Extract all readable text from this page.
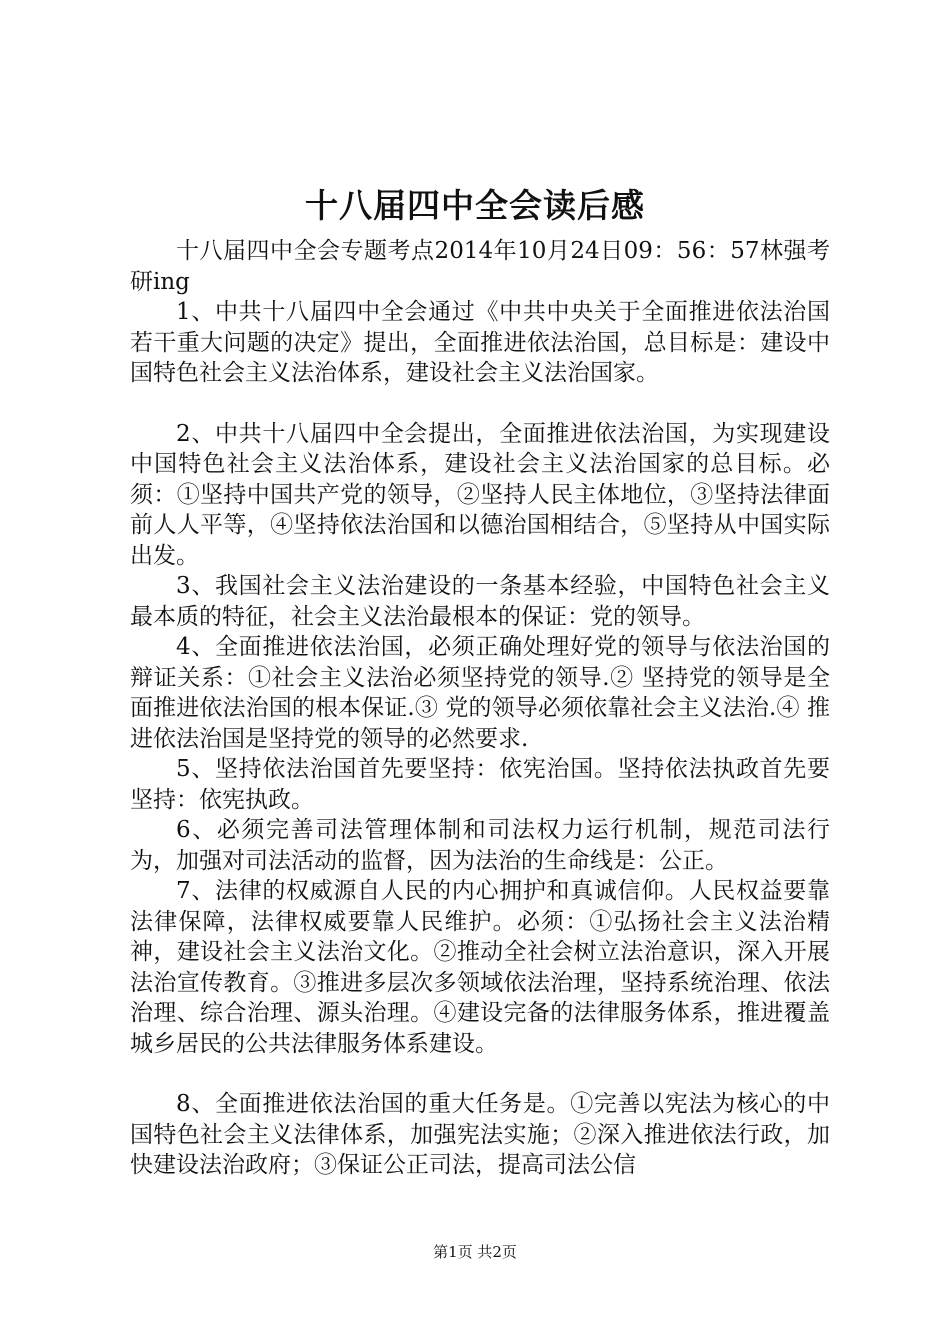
十八届四中全会读后感

十八届四中全会专题考点2014年10月24日09：56：57林强考研ing

1、中共十八届四中全会通过《中共中央关于全面推进依法治国若干重大问题的决定》提出，全面推进依法治国，总目标是：建设中国特色社会主义法治体系，建设社会主义法治国家。

2、中共十八届四中全会提出，全面推进依法治国，为实现建设中国特色社会主义法治体系，建设社会主义法治国家的总目标。必须：①坚持中国共产党的领导，②坚持人民主体地位，③坚持法律面前人人平等，④坚持依法治国和以德治国相结合，⑤坚持从中国实际出发。

3、我国社会主义法治建设的一条基本经验，中国特色社会主义最本质的特征，社会主义法治最根本的保证：党的领导。

4、全面推进依法治国，必须正确处理好党的领导与依法治国的辩证关系：①社会主义法治必须坚持党的领导.② 坚持党的领导是全面推进依法治国的根本保证.③ 党的领导必须依靠社会主义法治.④ 推进依法治国是坚持党的领导的必然要求.

5、坚持依法治国首先要坚持：依宪治国。坚持依法执政首先要坚持：依宪执政。

6、必须完善司法管理体制和司法权力运行机制，规范司法行为，加强对司法活动的监督，因为法治的生命线是：公正。

7、法律的权威源自人民的内心拥护和真诚信仰。人民权益要靠法律保障，法律权威要靠人民维护。必须：①弘扬社会主义法治精神，建设社会主义法治文化。②推动全社会树立法治意识，深入开展法治宣传教育。③推进多层次多领域依法治理，坚持系统治理、依法治理、综合治理、源头治理。④建设完备的法律服务体系，推进覆盖城乡居民的公共法律服务体系建设。

8、全面推进依法治国的重大任务是。①完善以宪法为核心的中国特色社会主义法律体系，加强宪法实施；②深入推进依法行政，加快建设法治政府；③保证公正司法，提高司法公信

第1页 共2页
